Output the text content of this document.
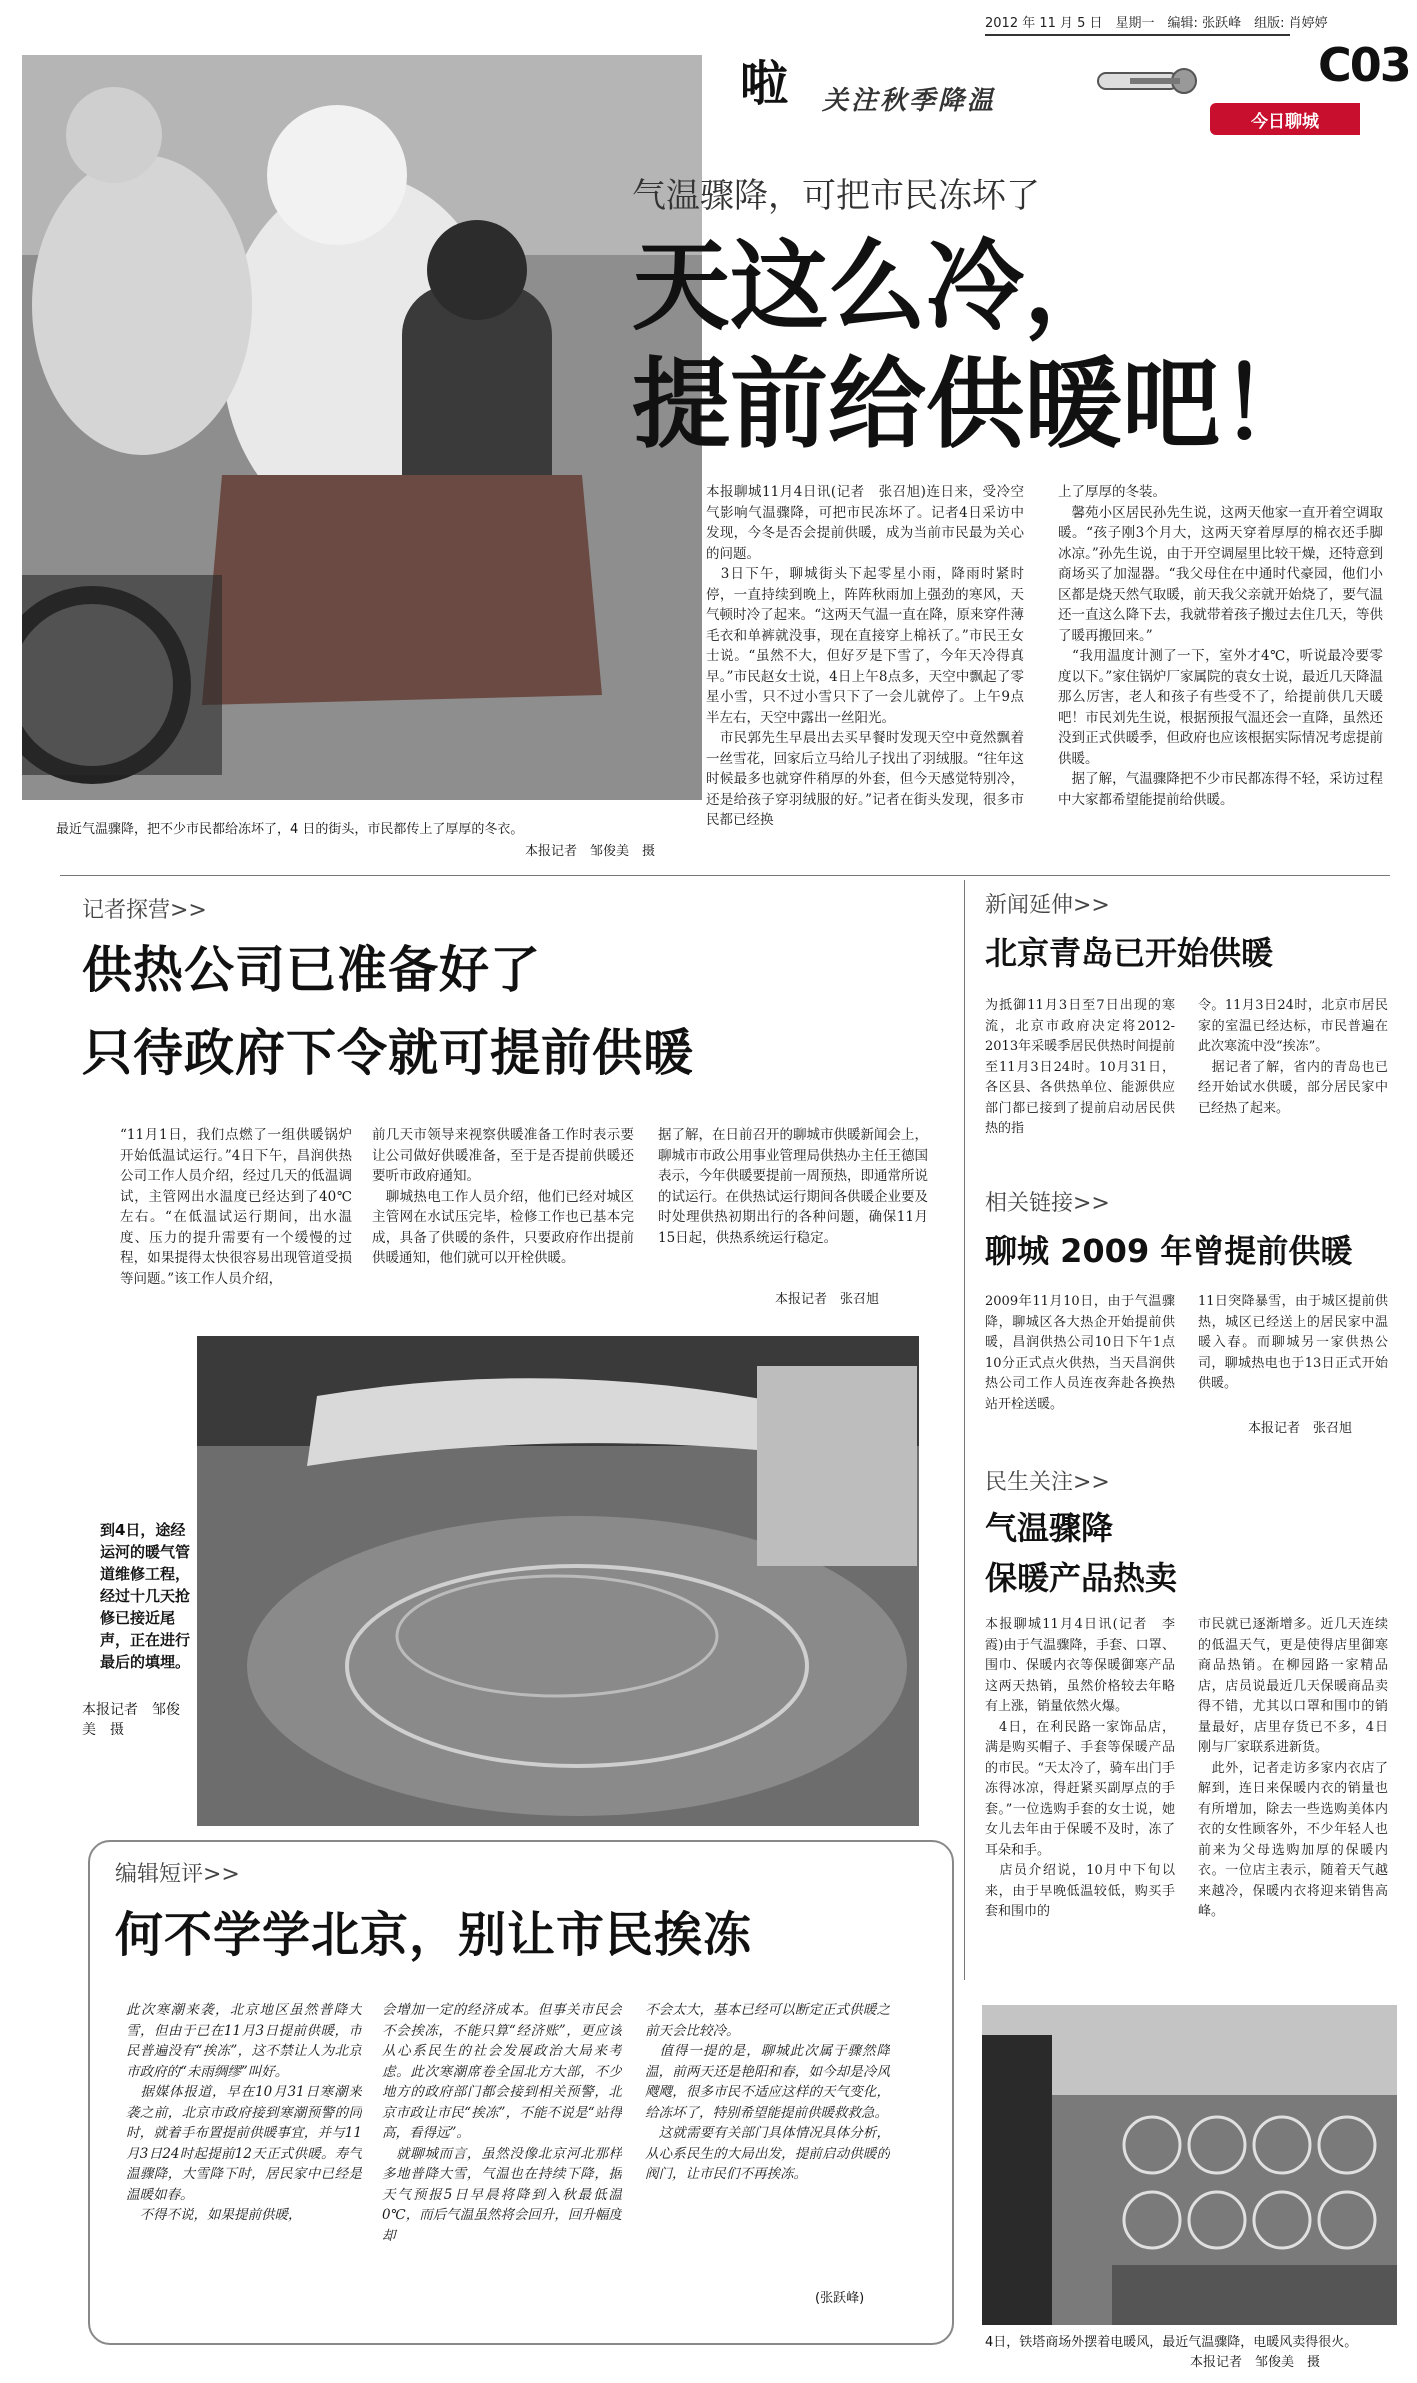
2012 年 11 月 5 日　星期一　编辑: 张跃峰　组版: 肖婷婷
C03
今日聊城
啦 关注秋季降温
气温骤降，可把市民冻坏了
天这么冷，
提前给供暖吧！
本报聊城11月4日讯(记者　张召旭)连日来，受冷空气影响气温骤降，可把市民冻坏了。记者4日采访中发现，今冬是否会提前供暖，成为当前市民最为关心的问题。
　3日下午，聊城街头下起零星小雨，降雨时紧时停，一直持续到晚上，阵阵秋雨加上强劲的寒风，天气顿时冷了起来。“这两天气温一直在降，原来穿件薄毛衣和单裤就没事，现在直接穿上棉袄了。”市民王女士说。“虽然不大，但好歹是下雪了，今年天冷得真早。”市民赵女士说，4日上午8点多，天空中飘起了零星小雪，只不过小雪只下了一会儿就停了。上午9点半左右，天空中露出一丝阳光。
　市民郭先生早晨出去买早餐时发现天空中竟然飘着一丝雪花，回家后立马给儿子找出了羽绒服。“往年这时候最多也就穿件稍厚的外套，但今天感觉特别冷，还是给孩子穿羽绒服的好。”记者在街头发现，很多市民都已经换
上了厚厚的冬装。
　馨苑小区居民孙先生说，这两天他家一直开着空调取暖。“孩子刚3个月大，这两天穿着厚厚的棉衣还手脚冰凉。”孙先生说，由于开空调屋里比较干燥，还特意到商场买了加湿器。“我父母住在中通时代豪园，他们小区都是烧天然气取暖，前天我父亲就开始烧了，要气温还一直这么降下去，我就带着孩子搬过去住几天，等供了暖再搬回来。”
　“我用温度计测了一下，室外才4℃，听说最冷要零度以下。”家住锅炉厂家属院的袁女士说，最近几天降温那么厉害，老人和孩子有些受不了，给提前供几天暖吧！市民刘先生说，根据预报气温还会一直降，虽然还没到正式供暖季，但政府也应该根据实际情况考虑提前供暖。
　据了解，气温骤降把不少市民都冻得不轻，采访过程中大家都希望能提前给供暖。
最近气温骤降，把不少市民都给冻坏了，4 日的街头，市民都传上了厚厚的冬衣。
本报记者　邹俊美　摄
记者探营>>
供热公司已准备好了
只待政府下令就可提前供暖
“11月1日，我们点燃了一组供暖锅炉开始低温试运行。”4日下午，昌润供热公司工作人员介绍，经过几天的低温调试，主管网出水温度已经达到了40℃左右。“在低温试运行期间，出水温度、压力的提升需要有一个缓慢的过程，如果提得太快很容易出现管道受损等问题。”该工作人员介绍，
前几天市领导来视察供暖准备工作时表示要让公司做好供暖准备，至于是否提前供暖还要听市政府通知。
　聊城热电工作人员介绍，他们已经对城区主管网在水试压完毕，检修工作也已基本完成，具备了供暖的条件，只要政府作出提前供暖通知，他们就可以开栓供暖。
据了解，在日前召开的聊城市供暖新闻会上，聊城市市政公用事业管理局供热办主任王德国表示，今年供暖要提前一周预热，即通常所说的试运行。在供热试运行期间各供暖企业要及时处理供热初期出行的各种问题，确保11月15日起，供热系统运行稳定。
本报记者　张召旭
到4日，途经运河的暖气管道维修工程，经过十几天抢修已接近尾声，正在进行最后的填埋。
本报记者　邹俊美　摄
新闻延伸>>
北京青岛已开始供暖
为抵御11月3日至7日出现的寒流，北京市政府决定将2012-2013年采暖季居民供热时间提前至11月3日24时。10月31日，各区县、各供热单位、能源供应部门都已接到了提前启动居民供热的指
令。11月3日24时，北京市居民家的室温已经达标，市民普遍在此次寒流中没“挨冻”。
　据记者了解，省内的青岛也已经开始试水供暖，部分居民家中已经热了起来。
相关链接>>
聊城 2009 年曾提前供暖
2009年11月10日，由于气温骤降，聊城区各大热企开始提前供暖，昌润供热公司10日下午1点10分正式点火供热，当天昌润供热公司工作人员连夜奔赴各换热站开栓送暖。
11日突降暴雪，由于城区提前供热，城区已经送上的居民家中温暖入春。而聊城另一家供热公司，聊城热电也于13日正式开始供暖。
本报记者　张召旭
民生关注>>
气温骤降
保暖产品热卖
本报聊城11月4日讯(记者　李霞)由于气温骤降，手套、口罩、围巾、保暖内衣等保暖御寒产品这两天热销，虽然价格较去年略有上涨，销量依然火爆。
　4日，在利民路一家饰品店，满是购买帽子、手套等保暖产品的市民。“天太冷了，骑车出门手冻得冰凉，得赶紧买副厚点的手套。”一位选购手套的女士说，她女儿去年由于保暖不及时，冻了耳朵和手。
　店员介绍说，10月中下旬以来，由于早晚低温较低，购买手套和围巾的
市民就已逐渐增多。近几天连续的低温天气，更是使得店里御寒商品热销。在柳园路一家精品店，店员说最近几天保暖商品卖得不错，尤其以口罩和围巾的销量最好，店里存货已不多，4日刚与厂家联系进新货。
　此外，记者走访多家内衣店了解到，连日来保暖内衣的销量也有所增加，除去一些选购美体内衣的女性顾客外，不少年轻人也前来为父母选购加厚的保暖内衣。一位店主表示，随着天气越来越冷，保暖内衣将迎来销售高峰。
4日，铁塔商场外摆着电暖风，最近气温骤降，电暖风卖得很火。
本报记者　邹俊美　摄
编辑短评>>
何不学学北京，别让市民挨冻
此次寒潮来袭，北京地区虽然普降大雪，但由于已在11月3日提前供暖，市民普遍没有“挨冻”，这不禁让人为北京市政府的“未雨绸缪”叫好。
　据媒体报道，早在10月31日寒潮来袭之前，北京市政府接到寒潮预警的同时，就着手布置提前供暖事宜，并与11月3日24时起提前12天正式供暖。寿气温骤降，大雪降下时，居民家中已经是温暖如春。
　不得不说，如果提前供暖，
会增加一定的经济成本。但事关市民会不会挨冻，不能只算“经济账”，更应该从心系民生的社会发展政治大局来考虑。此次寒潮席卷全国北方大部，不少地方的政府部门都会接到相关预警，北京市政让市民“挨冻”，不能不说是“站得高，看得远”。
　就聊城而言，虽然没像北京河北那样多地普降大雪，气温也在持续下降，据天气预报5日早晨将降到入秋最低温0℃，而后气温虽然将会回升，回升幅度却
不会太大，基本已经可以断定正式供暖之前天会比较冷。
　值得一提的是，聊城此次属于骤然降温，前两天还是艳阳和春，如今却是冷风飕飕，很多市民不适应这样的天气变化，给冻坏了，特别希望能提前供暖救救急。
　这就需要有关部门具体情况具体分析，从心系民生的大局出发，提前启动供暖的阀门，让市民们不再挨冻。
(张跃峰)
